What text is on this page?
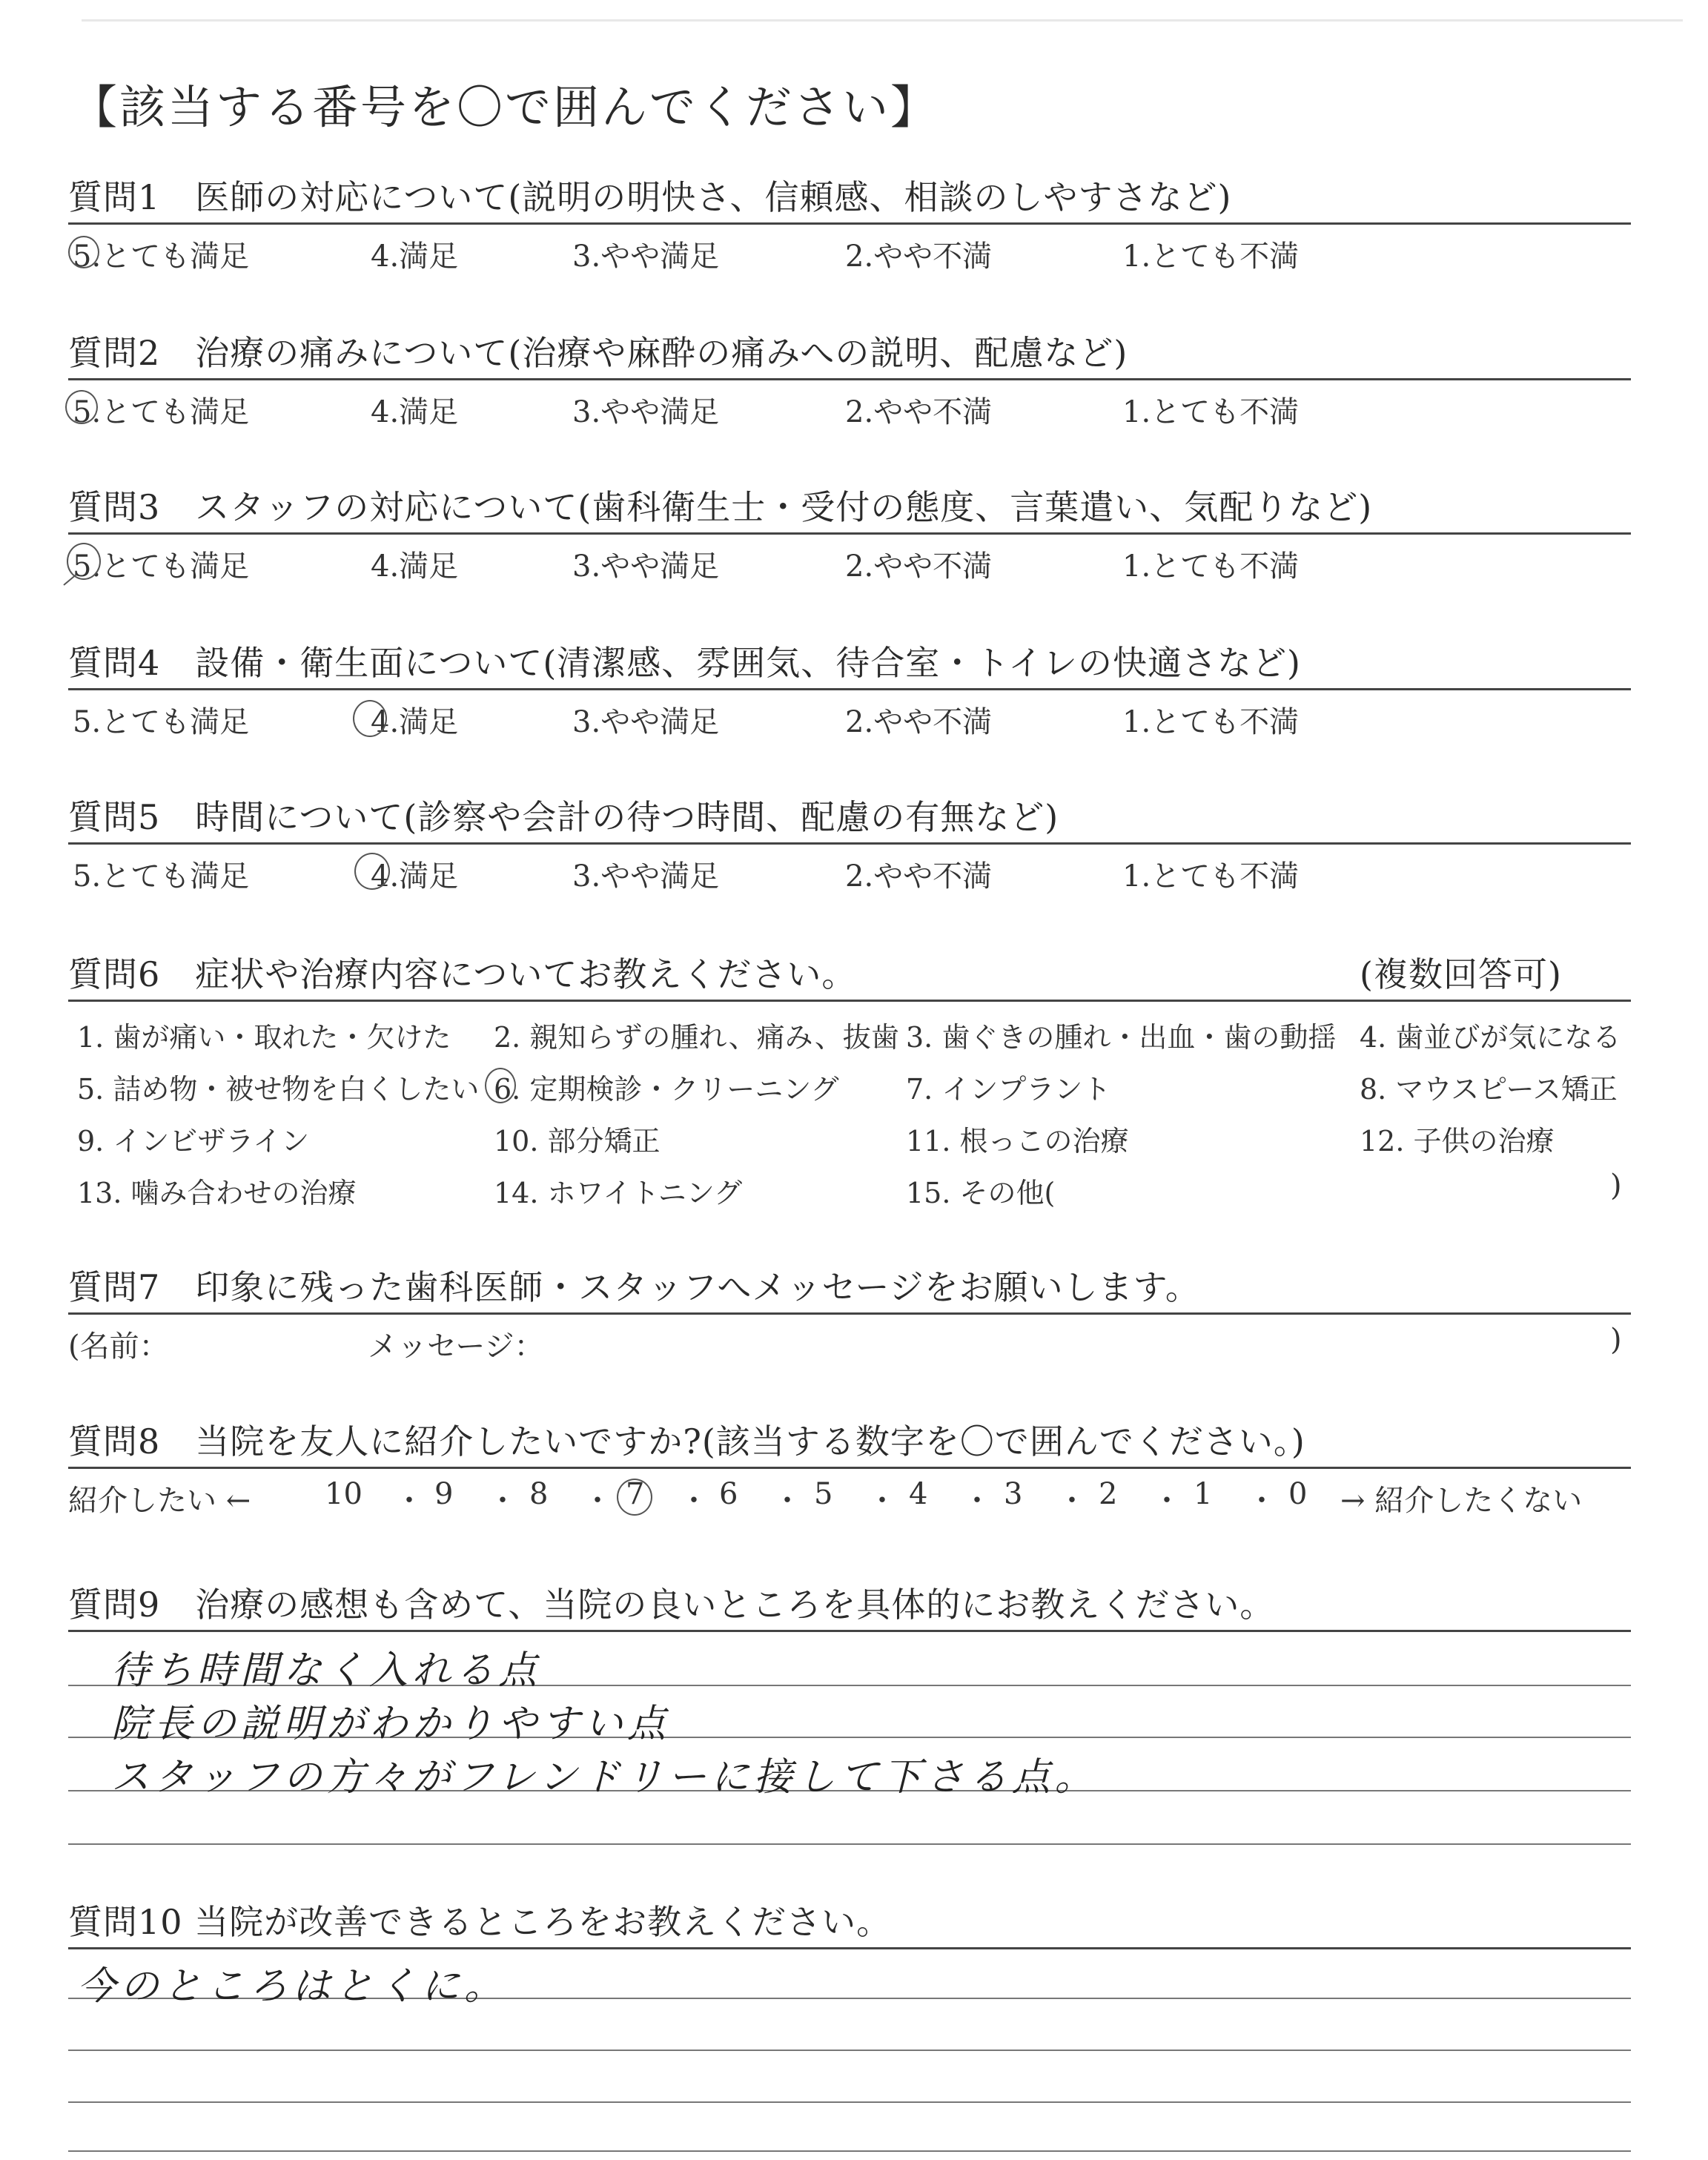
【該当する番号を〇で囲んでください】
質問1　医師の対応について(説明の明快さ、信頼感、相談のしやすさなど)
5.とても満足	4.満足	3.やや満足	2.やや不満	1.とても不満
質問2　治療の痛みについて(治療や麻酔の痛みへの説明、配慮など)
5.とても満足	4.満足	3.やや満足	2.やや不満	1.とても不満
質問3　スタッフの対応について(歯科衛生士・受付の態度、言葉遣い、気配りなど)
5.とても満足	4.満足	3.やや満足	2.やや不満	1.とても不満
質問4　設備・衛生面について(清潔感、雰囲気、待合室・トイレの快適さなど)
5.とても満足	4.満足	3.やや満足	2.やや不満	1.とても不満
質問5　時間について(診察や会計の待つ時間、配慮の有無など)
5.とても満足	4.満足	3.やや満足	2.やや不満	1.とても不満
質問6　症状や治療内容についてお教えください。	(複数回答可)
1. 歯が痛い・取れた・欠けた 2. 親知らずの腫れ、痛み、抜歯 3. 歯ぐきの腫れ・出血・歯の動揺 4. 歯並びが気になる
5. 詰め物・被せ物を白くしたい 6. 定期検診・クリーニング 7. インプラント	8. マウスピース矯正
9. インビザライン	10. 部分矯正	11. 根っこの治療	12. 子供の治療
13. 噛み合わせの治療	14. ホワイトニング	15. その他(	)
質問7　印象に残った歯科医師・スタッフへメッセージをお願いします。
(名前：	メッセージ：	)
質問8　当院を友人に紹介したいですか?(該当する数字を〇で囲んでください。)
紹介したい ← 10 ・ 9 ・ 8 ・ 7 ・ 6 ・ 5 ・ 4 ・ 3 ・ 2 ・ 1 ・ 0 → 紹介したくない
質問9　治療の感想も含めて、当院の良いところを具体的にお教えください。
待ち時間なく入れる点
院長の説明がわかりやすい点
スタッフの方々がフレンドリーに接して下さる点。
質問10 当院が改善できるところをお教えください。
今のところはとくに。
